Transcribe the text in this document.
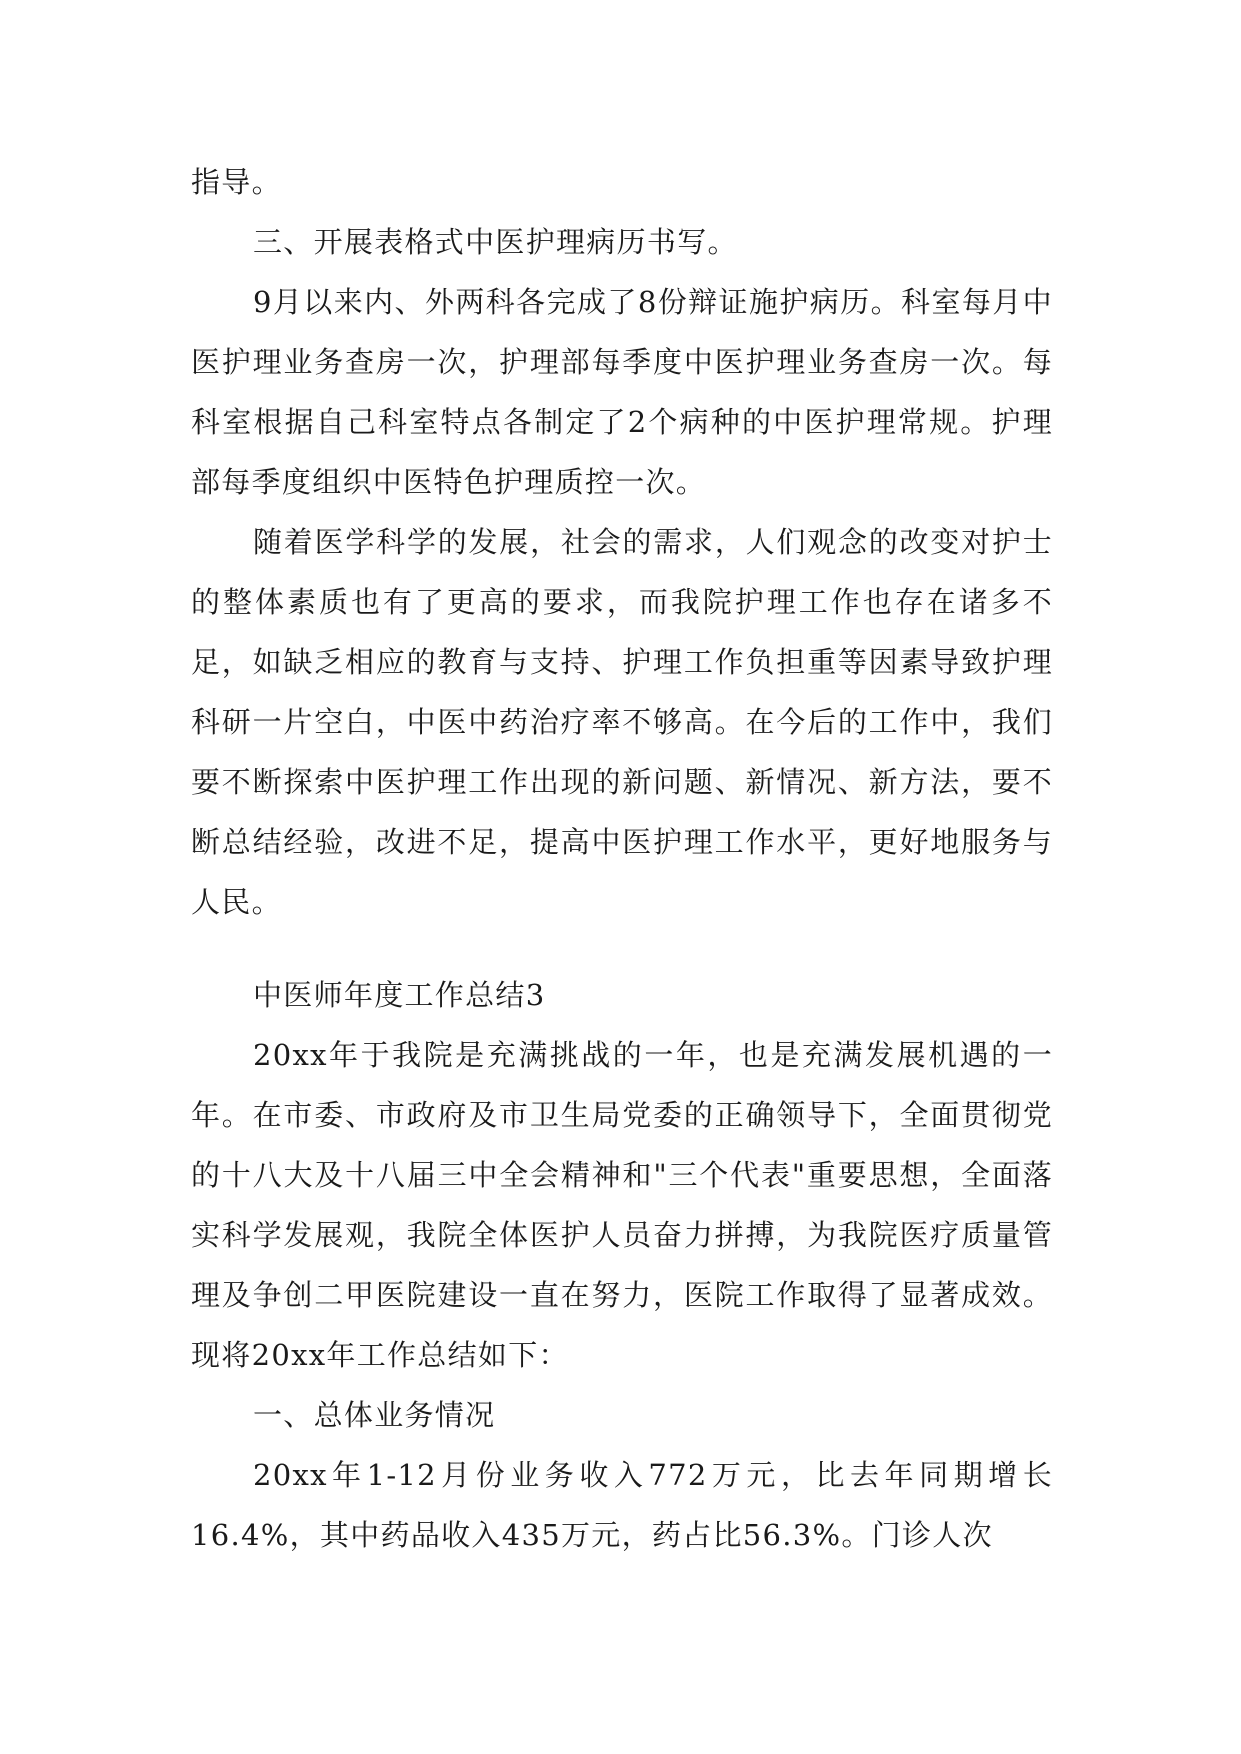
指导。

三、开展表格式中医护理病历书写。

9月以来内、外两科各完成了8份辩证施护病历。科室每月中医护理业务查房一次，护理部每季度中医护理业务查房一次。每科室根据自己科室特点各制定了2个病种的中医护理常规。护理部每季度组织中医特色护理质控一次。

随着医学科学的发展，社会的需求，人们观念的改变对护士的整体素质也有了更高的要求，而我院护理工作也存在诸多不足，如缺乏相应的教育与支持、护理工作负担重等因素导致护理科研一片空白，中医中药治疗率不够高。在今后的工作中，我们要不断探索中医护理工作出现的新问题、新情况、新方法，要不断总结经验，改进不足，提高中医护理工作水平，更好地服务与人民。

中医师年度工作总结3

20xx年于我院是充满挑战的一年，也是充满发展机遇的一年。在市委、市政府及市卫生局党委的正确领导下，全面贯彻党的十八大及十八届三中全会精神和"三个代表"重要思想，全面落实科学发展观，我院全体医护人员奋力拼搏，为我院医疗质量管理及争创二甲医院建设一直在努力，医院工作取得了显著成效。现将20xx年工作总结如下：

一、总体业务情况

20xx年1-12月份业务收入772万元，比去年同期增长16.4%，其中药品收入435万元，药占比56.3%。门诊人次
